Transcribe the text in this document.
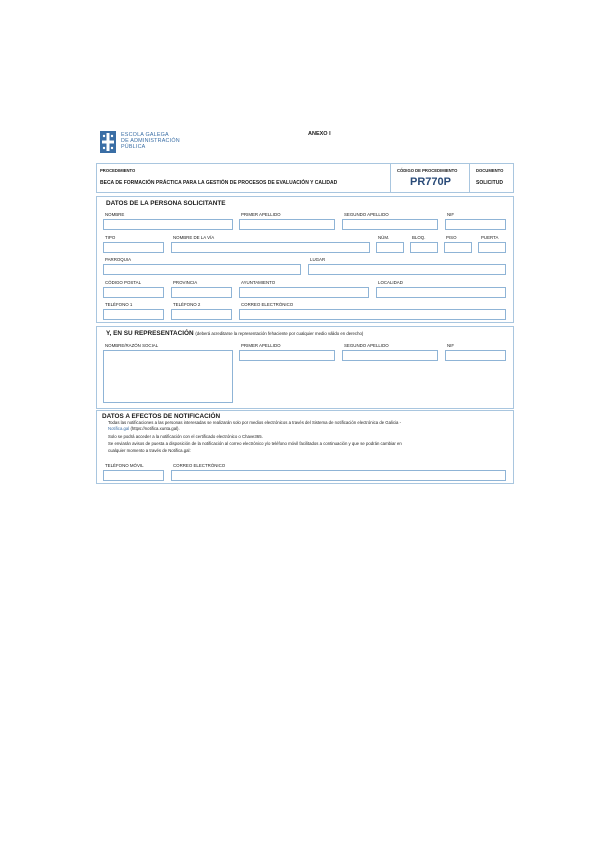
ESCOLA GALEGA
DE ADMINISTRACIÓN
PÚBLICA
ANEXO I
PROCEDIMIENTO
BECA DE FORMACIÓN PRÁCTICA PARA LA GESTIÓN DE PROCESOS DE EVALUACIÓN Y CALIDAD
CÓDIGO DE PROCEDIMIENTO
PR770P
DOCUMENTO
SOLICITUD
DATOS DE LA PERSONA SOLICITANTE
NOMBRE	PRIMER APELLIDO	SEGUNDO APELLIDO	NIF
TIPO	NOMBRE DE LA VÍA	NÚM.	BLOQ.	PISO	PUERTA
PARROQUIA	LUGAR
CÓDIGO POSTAL	PROVINCIA	AYUNTAMIENTO	LOCALIDAD
TELÉFONO 1	TELÉFONO 2	CORREO ELECTRÓNICO
Y, EN SU REPRESENTACIÓN (deberá acreditarse la representación fehaciente por cualquier medio válido en derecho)
NOMBRE/RAZÓN SOCIAL	PRIMER APELLIDO	SEGUNDO APELLIDO	NIF
DATOS A EFECTOS DE NOTIFICACIÓN
Todas las notificaciones a las personas interesadas se realizarán solo por medios electrónicos a través del Sistema de notificación electrónica de Galicia -
Notifica.gal (https://notifica.xunta.gal).
Solo se podrá acceder a la notificación con el certificado electrónico o Chave365.
Se enviarán avisos de puesta a disposición de la notificación al correo electrónico y/o teléfono móvil facilitados a continuación y que se podrán cambiar en
cualquier momento a través de Notifica.gal:
TELÉFONO MÓVIL	CORREO ELECTRÓNICO
